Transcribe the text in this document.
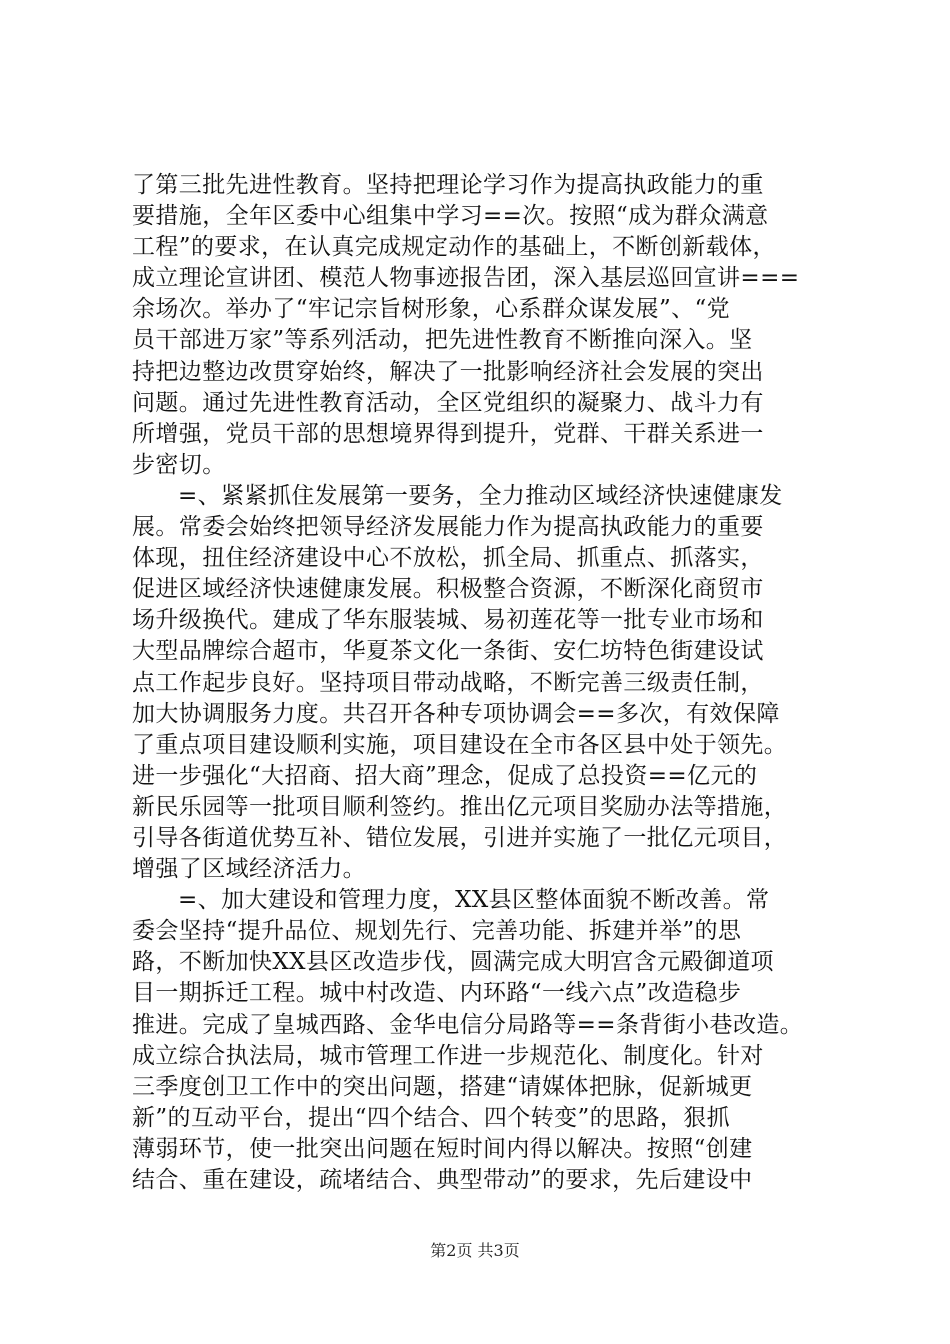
了第三批先进性教育。坚持把理论学习作为提高执政能力的重
要措施，全年区委中心组集中学习==次。按照“成为群众满意
工程”的要求，在认真完成规定动作的基础上，不断创新载体，
成立理论宣讲团、模范人物事迹报告团，深入基层巡回宣讲===
余场次。举办了“牢记宗旨树形象，心系群众谋发展”、“党
员干部进万家”等系列活动，把先进性教育不断推向深入。坚
持把边整边改贯穿始终，解决了一批影响经济社会发展的突出
问题。通过先进性教育活动，全区党组织的凝聚力、战斗力有
所增强，党员干部的思想境界得到提升，党群、干群关系进一
步密切。
=、紧紧抓住发展第一要务，全力推动区域经济快速健康发
展。常委会始终把领导经济发展能力作为提高执政能力的重要
体现，扭住经济建设中心不放松，抓全局、抓重点、抓落实，
促进区域经济快速健康发展。积极整合资源，不断深化商贸市
场升级换代。建成了华东服装城、易初莲花等一批专业市场和
大型品牌综合超市，华夏茶文化一条街、安仁坊特色街建设试
点工作起步良好。坚持项目带动战略，不断完善三级责任制，
加大协调服务力度。共召开各种专项协调会==多次，有效保障
了重点项目建设顺利实施，项目建设在全市各区县中处于领先。
进一步强化“大招商、招大商”理念，促成了总投资==亿元的
新民乐园等一批项目顺利签约。推出亿元项目奖励办法等措施，
引导各街道优势互补、错位发展，引进并实施了一批亿元项目，
增强了区域经济活力。
=、加大建设和管理力度，XX县区整体面貌不断改善。常
委会坚持“提升品位、规划先行、完善功能、拆建并举”的思
路，不断加快XX县区改造步伐，圆满完成大明宫含元殿御道项
目一期拆迁工程。城中村改造、内环路“一线六点”改造稳步
推进。完成了皇城西路、金华电信分局路等==条背街小巷改造。
成立综合执法局，城市管理工作进一步规范化、制度化。针对
三季度创卫工作中的突出问题，搭建“请媒体把脉，促新城更
新”的互动平台，提出“四个结合、四个转变”的思路，狠抓
薄弱环节，使一批突出问题在短时间内得以解决。按照“创建
结合、重在建设，疏堵结合、典型带动”的要求，先后建设中
第2页 共3页
